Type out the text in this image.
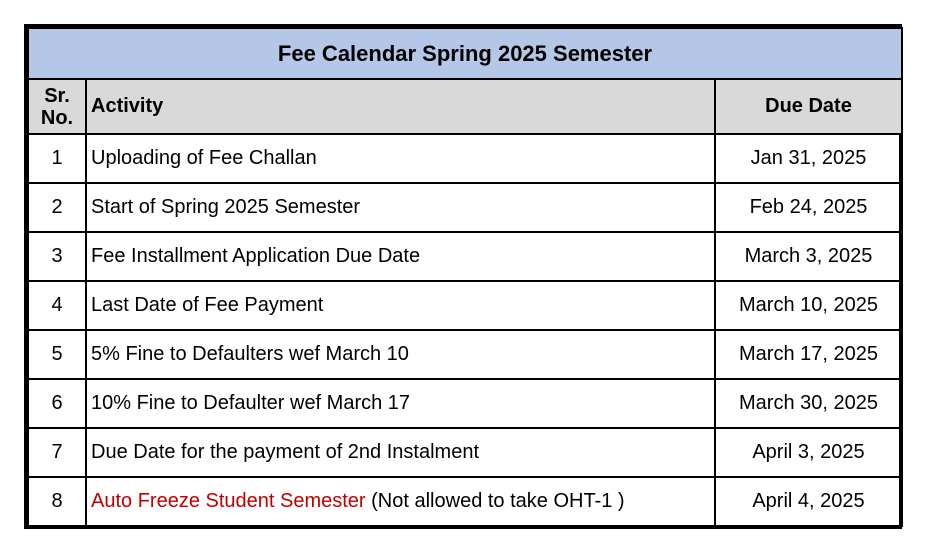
Fee Calendar Spring 2025 Semester		
Sr.
No.	Activity	Due Date
1	Uploading of Fee Challan	Jan 31, 2025
2	Start of Spring 2025 Semester	Feb 24, 2025
3	Fee Installment Application Due Date	March 3, 2025
4	Last Date of Fee Payment	March 10, 2025
5	5% Fine to Defaulters wef March 10	March 17, 2025
6	10% Fine to Defaulter wef March 17	March 30, 2025
7	Due Date for the payment of 2nd Instalment	April 3, 2025
8	Auto Freeze Student Semester (Not allowed to take OHT-1 )	April 4, 2025
